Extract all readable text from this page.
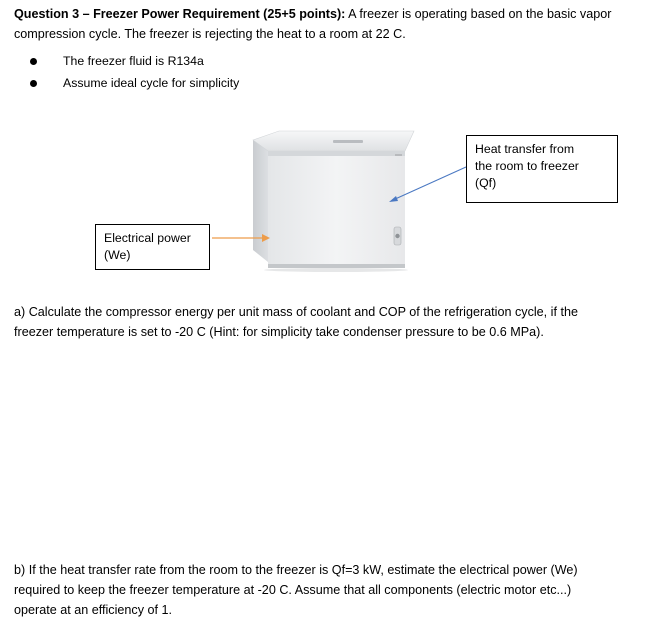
Question 3 – Freezer Power Requirement (25+5 points): A freezer is operating based on the basic vapor
compression cycle. The freezer is rejecting the heat to a room at 22 C.
The freezer fluid is R134a
Assume ideal cycle for simplicity
Heat transfer from
the room to freezer
(Qf)
Electrical power
(We)
a) Calculate the compressor energy per unit mass of coolant and COP of the refrigeration cycle, if the
freezer temperature is set to -20 C (Hint: for simplicity take condenser pressure to be 0.6 MPa).
b) If the heat transfer rate from the room to the freezer is Qf=3 kW, estimate the electrical power (We)
required to keep the freezer temperature at -20 C. Assume that all components (electric motor etc...)
operate at an efficiency of 1.
